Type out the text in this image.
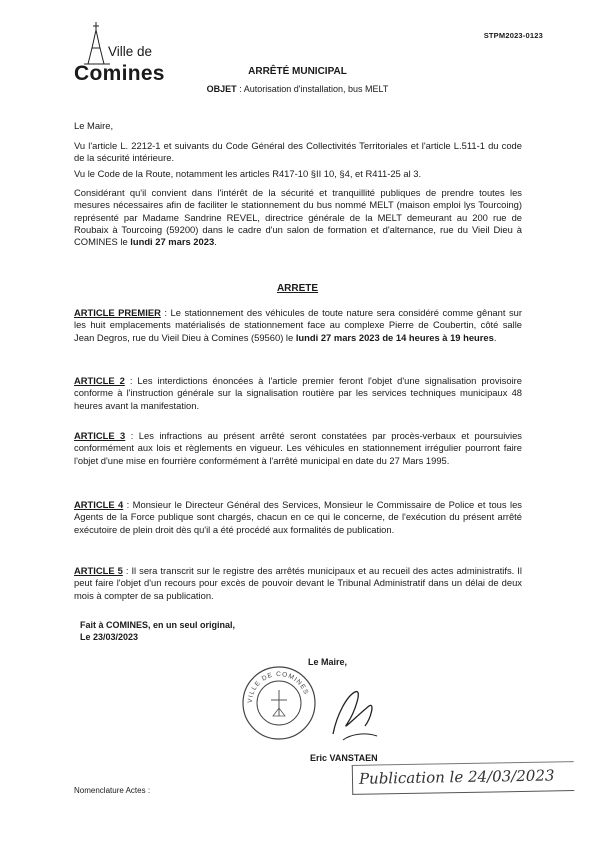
STPM2023-0123
Ville de
Comines	ARRÊTÉ MUNICIPAL
OBJET : Autorisation d'installation, bus MELT
Le Maire,
Vu l'article L. 2212-1 et suivants du Code Général des Collectivités Territoriales et l'article L.511-1 du code de la sécurité intérieure.
Vu le Code de la Route, notamment les articles R417-10 §II 10, §4, et R411-25 al 3.
Considérant qu'il convient dans l'intérêt de la sécurité et tranquillité publiques de prendre toutes les mesures nécessaires afin de faciliter le stationnement du bus nommé MELT (maison emploi lys Tourcoing) représenté par Madame Sandrine REVEL, directrice générale de la MELT demeurant au 200 rue de Roubaix à Tourcoing (59200) dans le cadre d'un salon de formation et d'alternance, rue du Vieil Dieu à COMINES le lundi 27 mars 2023.
ARRETE
ARTICLE PREMIER : Le stationnement des véhicules de toute nature sera considéré comme gênant sur les huit emplacements matérialisés de stationnement face au complexe Pierre de Coubertin, côté salle Jean Degros, rue du Vieil Dieu à Comines (59560) le lundi 27 mars 2023 de 14 heures à 19 heures.
ARTICLE 2 : Les interdictions énoncées à l'article premier feront l'objet d'une signalisation provisoire conforme à l'instruction générale sur la signalisation routière par les services techniques municipaux 48 heures avant la manifestation.
ARTICLE 3 : Les infractions au présent arrêté seront constatées par procès-verbaux et poursuivies conformément aux lois et règlements en vigueur. Les véhicules en stationnement irrégulier pourront faire l'objet d'une mise en fourrière conformément à l'arrêté municipal en date du 27 Mars 1995.
ARTICLE 4 : Monsieur le Directeur Général des Services, Monsieur le Commissaire de Police et tous les Agents de la Force publique sont chargés, chacun en ce qui le concerne, de l'exécution du présent arrêté exécutoire de plein droit dès qu'il a été procédé aux formalités de publication.
ARTICLE 5 : Il sera transcrit sur le registre des arrêtés municipaux et au recueil des actes administratifs. Il peut faire l'objet d'un recours pour excès de pouvoir devant le Tribunal Administratif dans un délai de deux mois à compter de sa publication.
Fait à COMINES, en un seul original,
Le 23/03/2023
Le Maire,
VILLE DE COMINES
Eric VANSTAEN
Publication le 24/03/2023
Nomenclature Actes :
